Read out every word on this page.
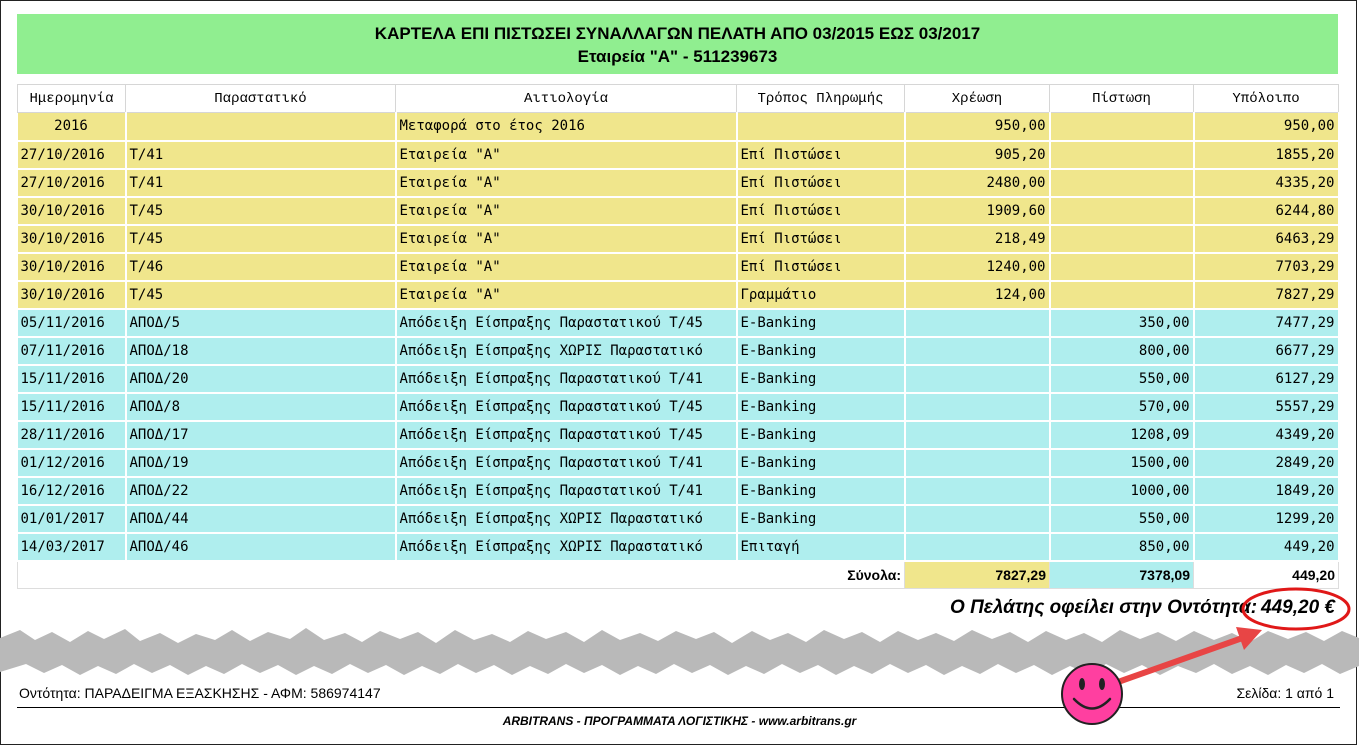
ΚΑΡΤΕΛΑ ΕΠΙ ΠΙΣΤΩΣΕΙ ΣΥΝΑΛΛΑΓΩΝ ΠΕΛΑΤΗ ΑΠΟ 03/2015 ΕΩΣ 03/2017
Εταιρεία "Α" - 511239673
Ημερομηνία	Παραστατικό	Αιτιολογία	Τρόπος Πληρωμής	Χρέωση	Πίστωση	Υπόλοιπο
2016		Μεταφορά στο έτος 2016		950,00		950,00
27/10/2016	Τ/41	Εταιρεία "Α"	Επί Πιστώσει	905,20		1855,20
27/10/2016	Τ/41	Εταιρεία "Α"	Επί Πιστώσει	2480,00		4335,20
30/10/2016	Τ/45	Εταιρεία "Α"	Επί Πιστώσει	1909,60		6244,80
30/10/2016	Τ/45	Εταιρεία "Α"	Επί Πιστώσει	218,49		6463,29
30/10/2016	Τ/46	Εταιρεία "Α"	Επί Πιστώσει	1240,00		7703,29
30/10/2016	Τ/45	Εταιρεία "Α"	Γραμμάτιο	124,00		7827,29
05/11/2016	ΑΠΟΔ/5	Απόδειξη Είσπραξης Παραστατικού Τ/45	E-Banking		350,00	7477,29
07/11/2016	ΑΠΟΔ/18	Απόδειξη Είσπραξης ΧΩΡΙΣ Παραστατικό	E-Banking		800,00	6677,29
15/11/2016	ΑΠΟΔ/20	Απόδειξη Είσπραξης Παραστατικού Τ/41	E-Banking		550,00	6127,29
15/11/2016	ΑΠΟΔ/8	Απόδειξη Είσπραξης Παραστατικού Τ/45	E-Banking		570,00	5557,29
28/11/2016	ΑΠΟΔ/17	Απόδειξη Είσπραξης Παραστατικού Τ/45	E-Banking		1208,09	4349,20
01/12/2016	ΑΠΟΔ/19	Απόδειξη Είσπραξης Παραστατικού Τ/41	E-Banking		1500,00	2849,20
16/12/2016	ΑΠΟΔ/22	Απόδειξη Είσπραξης Παραστατικού Τ/41	E-Banking		1000,00	1849,20
01/01/2017	ΑΠΟΔ/44	Απόδειξη Είσπραξης ΧΩΡΙΣ Παραστατικό	E-Banking		550,00	1299,20
14/03/2017	ΑΠΟΔ/46	Απόδειξη Είσπραξης ΧΩΡΙΣ Παραστατικό	Επιταγή		850,00	449,20
Σύνολα:				7827,29	7378,09	449,20
Ο Πελάτης οφείλει στην Οντότητα: 449,20 €
Οντότητα: ΠΑΡΑΔΕΙΓΜΑ ΕΞΑΣΚΗΣΗΣ - ΑΦΜ: 586974147	Σελίδα: 1 από 1
ARBITRANS - ΠΡΟΓΡΑΜΜΑΤΑ ΛΟΓΙΣΤΙΚΗΣ - www.arbitrans.gr
